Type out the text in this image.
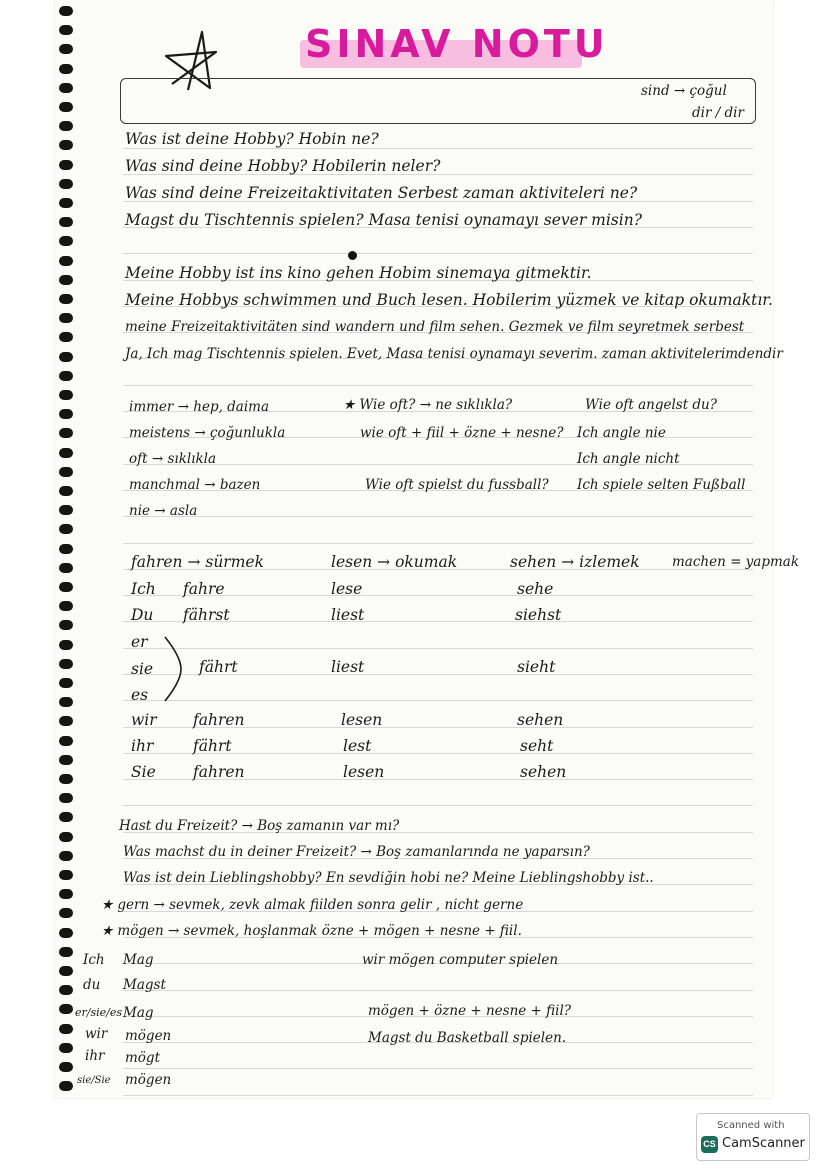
SINAV NOTU
sind → çoğul
dir / dir
Was ist deine Hobby? Hobin ne?
Was sind deine Hobby? Hobilerin neler?
Was sind deine Freizeitaktivitaten Serbest zaman aktiviteleri ne?
Magst du Tischtennis spielen? Masa tenisi oynamayı sever misin?
Meine Hobby ist ins kino gehen Hobim sinemaya gitmektir.
Meine Hobbys schwimmen und Buch lesen. Hobilerim yüzmek ve kitap okumaktır.
meine Freizeitaktivitäten sind wandern und film sehen. Gezmek ve film seyretmek serbest
Ja, Ich mag Tischtennis spielen. Evet, Masa tenisi oynamayı severim. zaman aktivitelerimdendir
immer → hep, daima
meistens → çoğunlukla
oft → sıklıkla
manchmal → bazen
nie → asla
★ Wie oft? → ne sıklıkla?
wie oft + fiil + özne + nesne?
Wie oft spielst du fussball?
Wie oft angelst du?
Ich angle nie
Ich angle nicht
Ich spiele selten Fußball
fahren → sürmek	lesen → okumak	sehen → izlemek machen = yapmak
Ich
Du
er
sie
es
wir
ihr
Sie
fahre
fährst
fährt
fahren
fährt
fahren
lese
liest
liest
lesen
lest
lesen
sehe
siehst
sieht
sehen
seht
sehen
Hast du Freizeit? → Boş zamanın var mı?
Was machst du in deiner Freizeit? → Boş zamanlarında ne yaparsın?
Was ist dein Lieblingshobby? En sevdiğin hobi ne? Meine Lieblingshobby ist..
★ gern → sevmek, zevk almak fiilden sonra gelir , nicht gerne
★ mögen → sevmek, hoşlanmak özne + mögen + nesne + fiil.
Ich
du
er/sie/es
wir
ihr
sie/Sie
Mag
Magst
Mag
mögen
mögt
mögen
wir mögen computer spielen
mögen + özne + nesne + fiil?
Magst du Basketball spielen.
Scanned with
CS CamScanner
